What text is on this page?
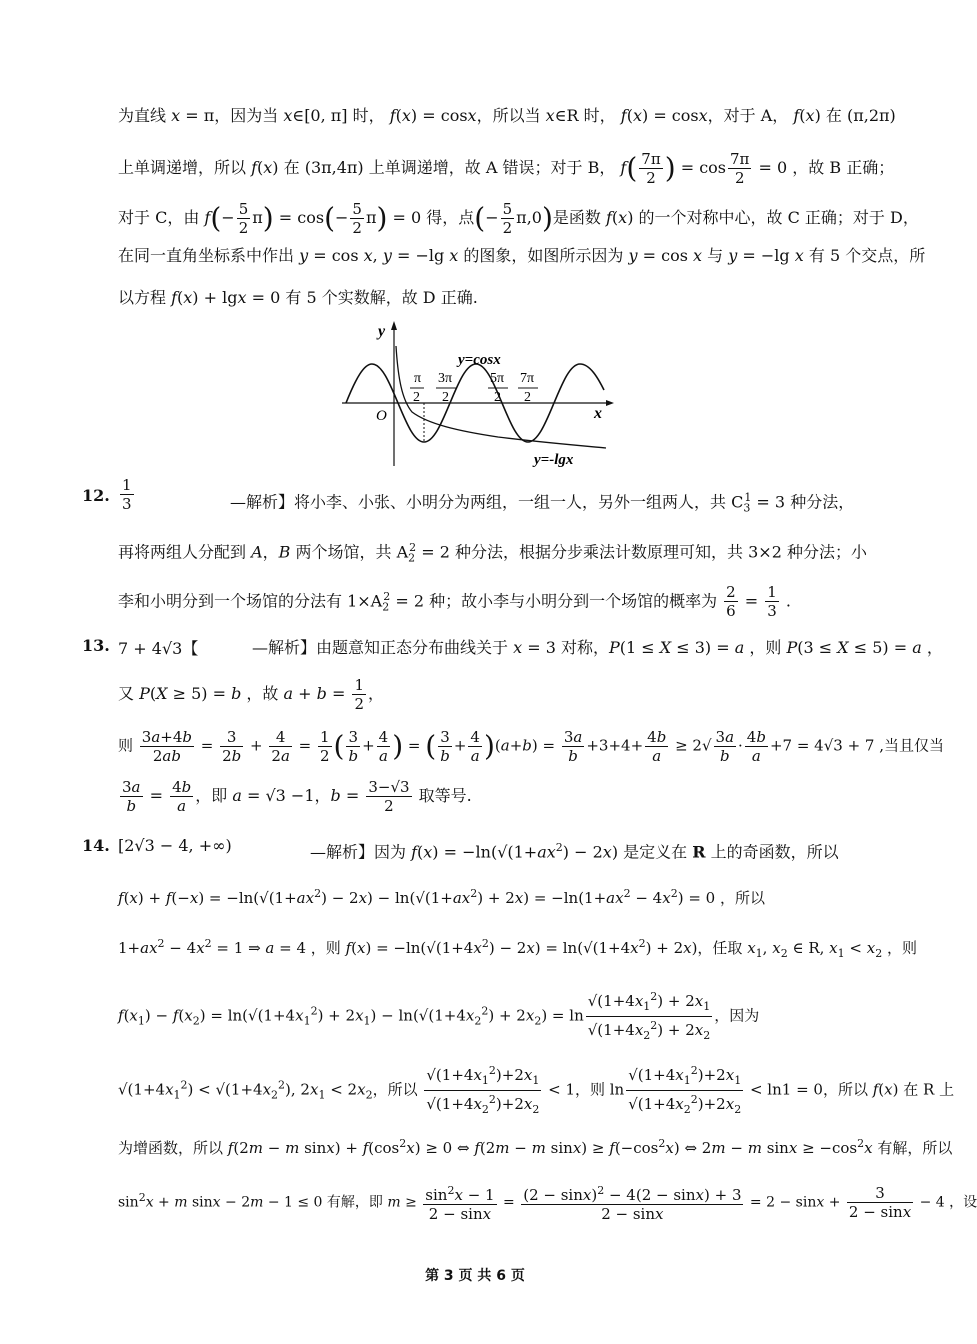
为直线 x = π，因为当 x∈[0, π] 时， f(x) = cosx，所以当 x∈R 时， f(x) = cosx，对于 A， f(x) 在 (π,2π)
上单调递增，所以 f(x) 在 (3π,4π) 上单调递增，故 A 错误；对于 B， $f( \frac{7\pi}{2}$ ) = $\cos \frac{7\pi}{2} = 0$ ，故 B 正确；
对于 C，由 $f(- \frac{5}{2} \pi) = \cos(- \frac{5}{2} \pi) = 0$ 得，点(− $\frac{5}{2} \pi,0$)是函数 f(x) 的一个对称中心，故 C 正确；对于 D，
在同一直角坐标系中作出 y = cos x, y = −lg x 的图象，如图所示因为 y = cos x 与 y = −lg x 有 5 个交点，所
以方程 f(x) + lgx = 0 有 5 个实数解，故 D 正确.
y
x
O
π
2
3π
2
5π
2
7π
2
y=cosx
y=-lgx
12. $\frac{1}{3}$	—解析】将小李、小张、小明分为两组，一组一人，另外一组两人，共 $C_3^1 = 3$ 种分法，
再将两组人分配到 A，B 两个场馆，共 $A_2^2 = 2$ 种分法，根据分步乘法计数原理可知，共 3×2 种分法；小
李和小明分到一个场馆的分法有 $1\times A_2^2 = 2$ 种；故小李与小明分到一个场馆的概率为 $\frac{2}{6} = \frac{1}{3}$ .
13. 7 + 4√3【	—解析】由题意知正态分布曲线关于 x = 3 对称，P(1 ≤ X ≤ 3) = a ，则 P(3 ≤ X ≤ 5) = a ，
又 P(X ≥ 5) = b ，故 $a + b = \frac{1}{2}$ ，
则 $\frac{3a+4b}{2ab} = \frac{3}{2b} + \frac{4}{2a} = \frac{1}{2}$ ( $\frac{3}{b} + \frac{4}{a}$ ) = ( $\frac{3}{b} + \frac{4}{a} )(a+b) = \frac{3a}{b} +3+4+ \frac{4b}{a} \ge 2√ \frac{3a}{b} \cdot \frac{4b}{a} +7 = 4√3 + 7$ ,当且仅当
$\frac{3a}{b} = \frac{4b}{a}$ ，即 a = √3 −1，$b = \frac{3-√3}{2}$ 取等号.
14. [2√3 − 4, +∞)	—解析】因为 $f(x) = -\ln(√(1+ax^2) - 2x)$ 是定义在 R 上的奇函数，所以
$f(x) + f(-x) = -\ln(√(1+ax^2) - 2x) - \ln(√(1+ax^2) + 2x) = -\ln(1+ax^2 - 4x^2) = 0$ ，所以
$1+ax^2 - 4x^2 = 1$ ⇒ a = 4 ，则 $f(x) = -\ln(√(1+4x^2) - 2x) = \ln(√(1+4x^2) + 2x)$，任取 $x_1$, $x_2$ ∈ R, $x_1 < x_2$ ，则
$f(x_1) - f(x_2) = \ln(√(1+4x_1^2) + 2x_1) - \ln(√(1+4x_2^2) + 2x_2) = \ln \frac{√(1+4x_1^2) + 2x_1}{√(1+4x_2^2) + 2x_2}$ ，因为
$√(1+4x_1^2) < √(1+4x_2^2)$, $2x_1 < 2x_2$，所以 $\frac{√(1+4x_1^2)+2x_1}{√(1+4x_2^2)+2x_2} < 1$，则 $\ln \frac{√(1+4x_1^2)+2x_1}{√(1+4x_2^2)+2x_2} < \ln 1 = 0$，所以 f(x) 在 R 上
为增函数，所以 f(2m − m $\sin x) + f(\cos^2x) \ge 0$ ⇔ f(2m − m $\sin x) \ge f(-\cos^2x)$ ⇔ 2m − m $\sin x \ge -\cos^2x$ 有解，所以
$\sin^2x + m$ sinx − 2m − 1 ≤ 0 有解，即 $m \ge \frac{\sin^2x - 1}{2 - \sin x} = \frac{(2 - \sin x)^2 - 4(2 - \sin x) + 3}{2 - \sin x} = 2 - \sin x + \frac{3}{2 - \sin x} - 4$ ，设
第 3 页 共 6 页
